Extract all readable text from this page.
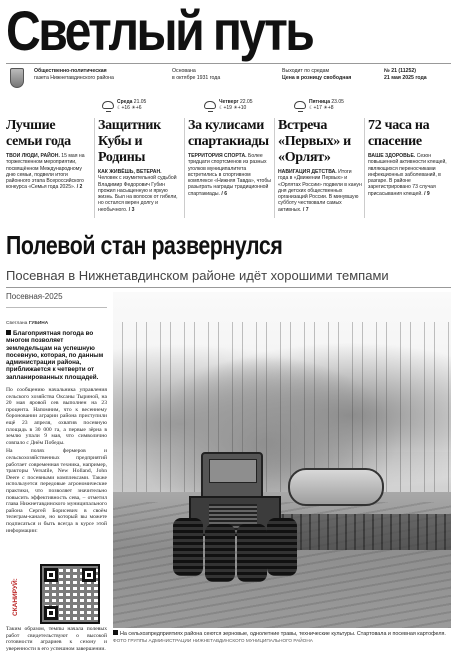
Светлый путь
Общественно-политическая
газета Нижнетавдинского района
Основана
в октябре 1931 года
Выходит по средам
Цена в розницу свободная
№ 21 (11252)
21 мая 2025 года
Среда 21.05
☾+16 ☀+6
Четверг 22.05
☾+19 ☀+10
Пятница 23.05
☾+17 ☀+8
Лучшие семьи года

ТВОИ ЛЮДИ, РАЙОН. 15 мая на торжественном мероприятии, посвящённом Международному дню семьи, подвели итоги районного этапа Всероссийского конкурса «Семья года 2025». / 2

Защитник Кубы и Родины

КАК ЖИВЁШЬ, ВЕТЕРАН. Человек с изумительной судьбой Владимир Федорович Губин прожил насыщенную и яркую жизнь. Был на волосок от гибели, но остался верен долгу и необычного. / 3

За кулисами спартакиады

ТЕРРИТОРИЯ СПОРТА. Более тридцати спортсменов из разных уголков муниципалитета встретились в спортивном комплексе «Нижняя Тавда», чтобы разыграть награды традиционной спартакиады. / 6

Встреча «Первых» и «Орлят»

НАВИГАЦИЯ ДЕТСТВА. Итоги года в «Движении Первых» и «Орлятах России» подвели в канун дня детских общественных организаций России. В минувшую субботу чествовали самых активных. / 7

72 часа на спасение

ВАШЕ ЗДОРОВЬЕ. Сезон повышенной активности клещей, являющихся переносчиками инфекционных заболеваний, в разгаре. В районе зарегистрировано 73 случая присасывания клещей. / 9

Полевой стан развернулся
Посевная в Нижнетавдинском районе идёт хорошими темпами
Посевная-2025
Светлана ГУБИНА
Благоприятная погода во многом позволяет земледельцам на успешную посевную, которая, по данным администрации района, приближается к четверти от запланированных площадей.

По сообщению начальника управления сельского хозяйства Оксаны Тыриной, на 20 мая яровой сев выполнен на 23 процента. Напомним, что к весеннему бороновании аграрии района приступили ещё 23 апреля, охватив посевную площадь в 30 000 га, а первые зёрна в землю упали 9 мая, что символично совпало с Днём Победы.

На полях фермеров и сельскохозяйственных предприятий работает современная техника, например, тракторы Versatile, New Holland, John Deere с посевными комплексами. Также используется передовые агрономические практики, что позволяет значительно повысить эффективность сева, – отметил глава Нижнетавдинского муниципального района Сергей Борисевич в своём телеграм-канале, но который вы можете подписаться и быть всегда в курсе этой информации:

СКАНИРУЙ:
Таким образом, темпы начала полевых работ свидетельствуют о высокой готовности аграриев к сезону и уверенности в его успешном завершении.
На сельхозпредприятиях района сеются зерновые, однолетние травы, технические культуры. Стартовала и посевная картофеля. ФОТО ГРУППЫ АДМИНИСТРАЦИИ НИЖНЕТАВДИНСКОГО МУНИЦИПАЛЬНОГО РАЙОНА
